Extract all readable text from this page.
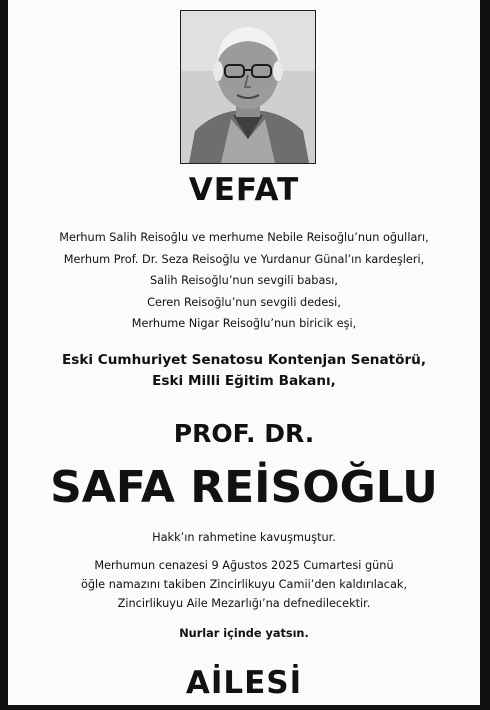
VEFAT
Merhum Salih Reisoğlu ve merhume Nebile Reisoğlu’nun oğulları,
Merhum Prof. Dr. Seza Reisoğlu ve Yurdanur Günal’ın kardeşleri,
Salih Reisoğlu’nun sevgili babası,
Ceren Reisoğlu’nun sevgili dedesi,
Merhume Nigar Reisoğlu’nun biricik eşi,
Eski Cumhuriyet Senatosu Kontenjan Senatörü,
Eski Milli Eğitim Bakanı,
PROF. DR.
SAFA REİSOĞLU
Hakk’ın rahmetine kavuşmuştur.
Merhumun cenazesi 9 Ağustos 2025 Cumartesi günü
öğle namazını takiben Zincirlikuyu Camii’den kaldırılacak,
Zincirlikuyu Aile Mezarlığı’na defnedilecektir.
Nurlar içinde yatsın.
AİLESİ
